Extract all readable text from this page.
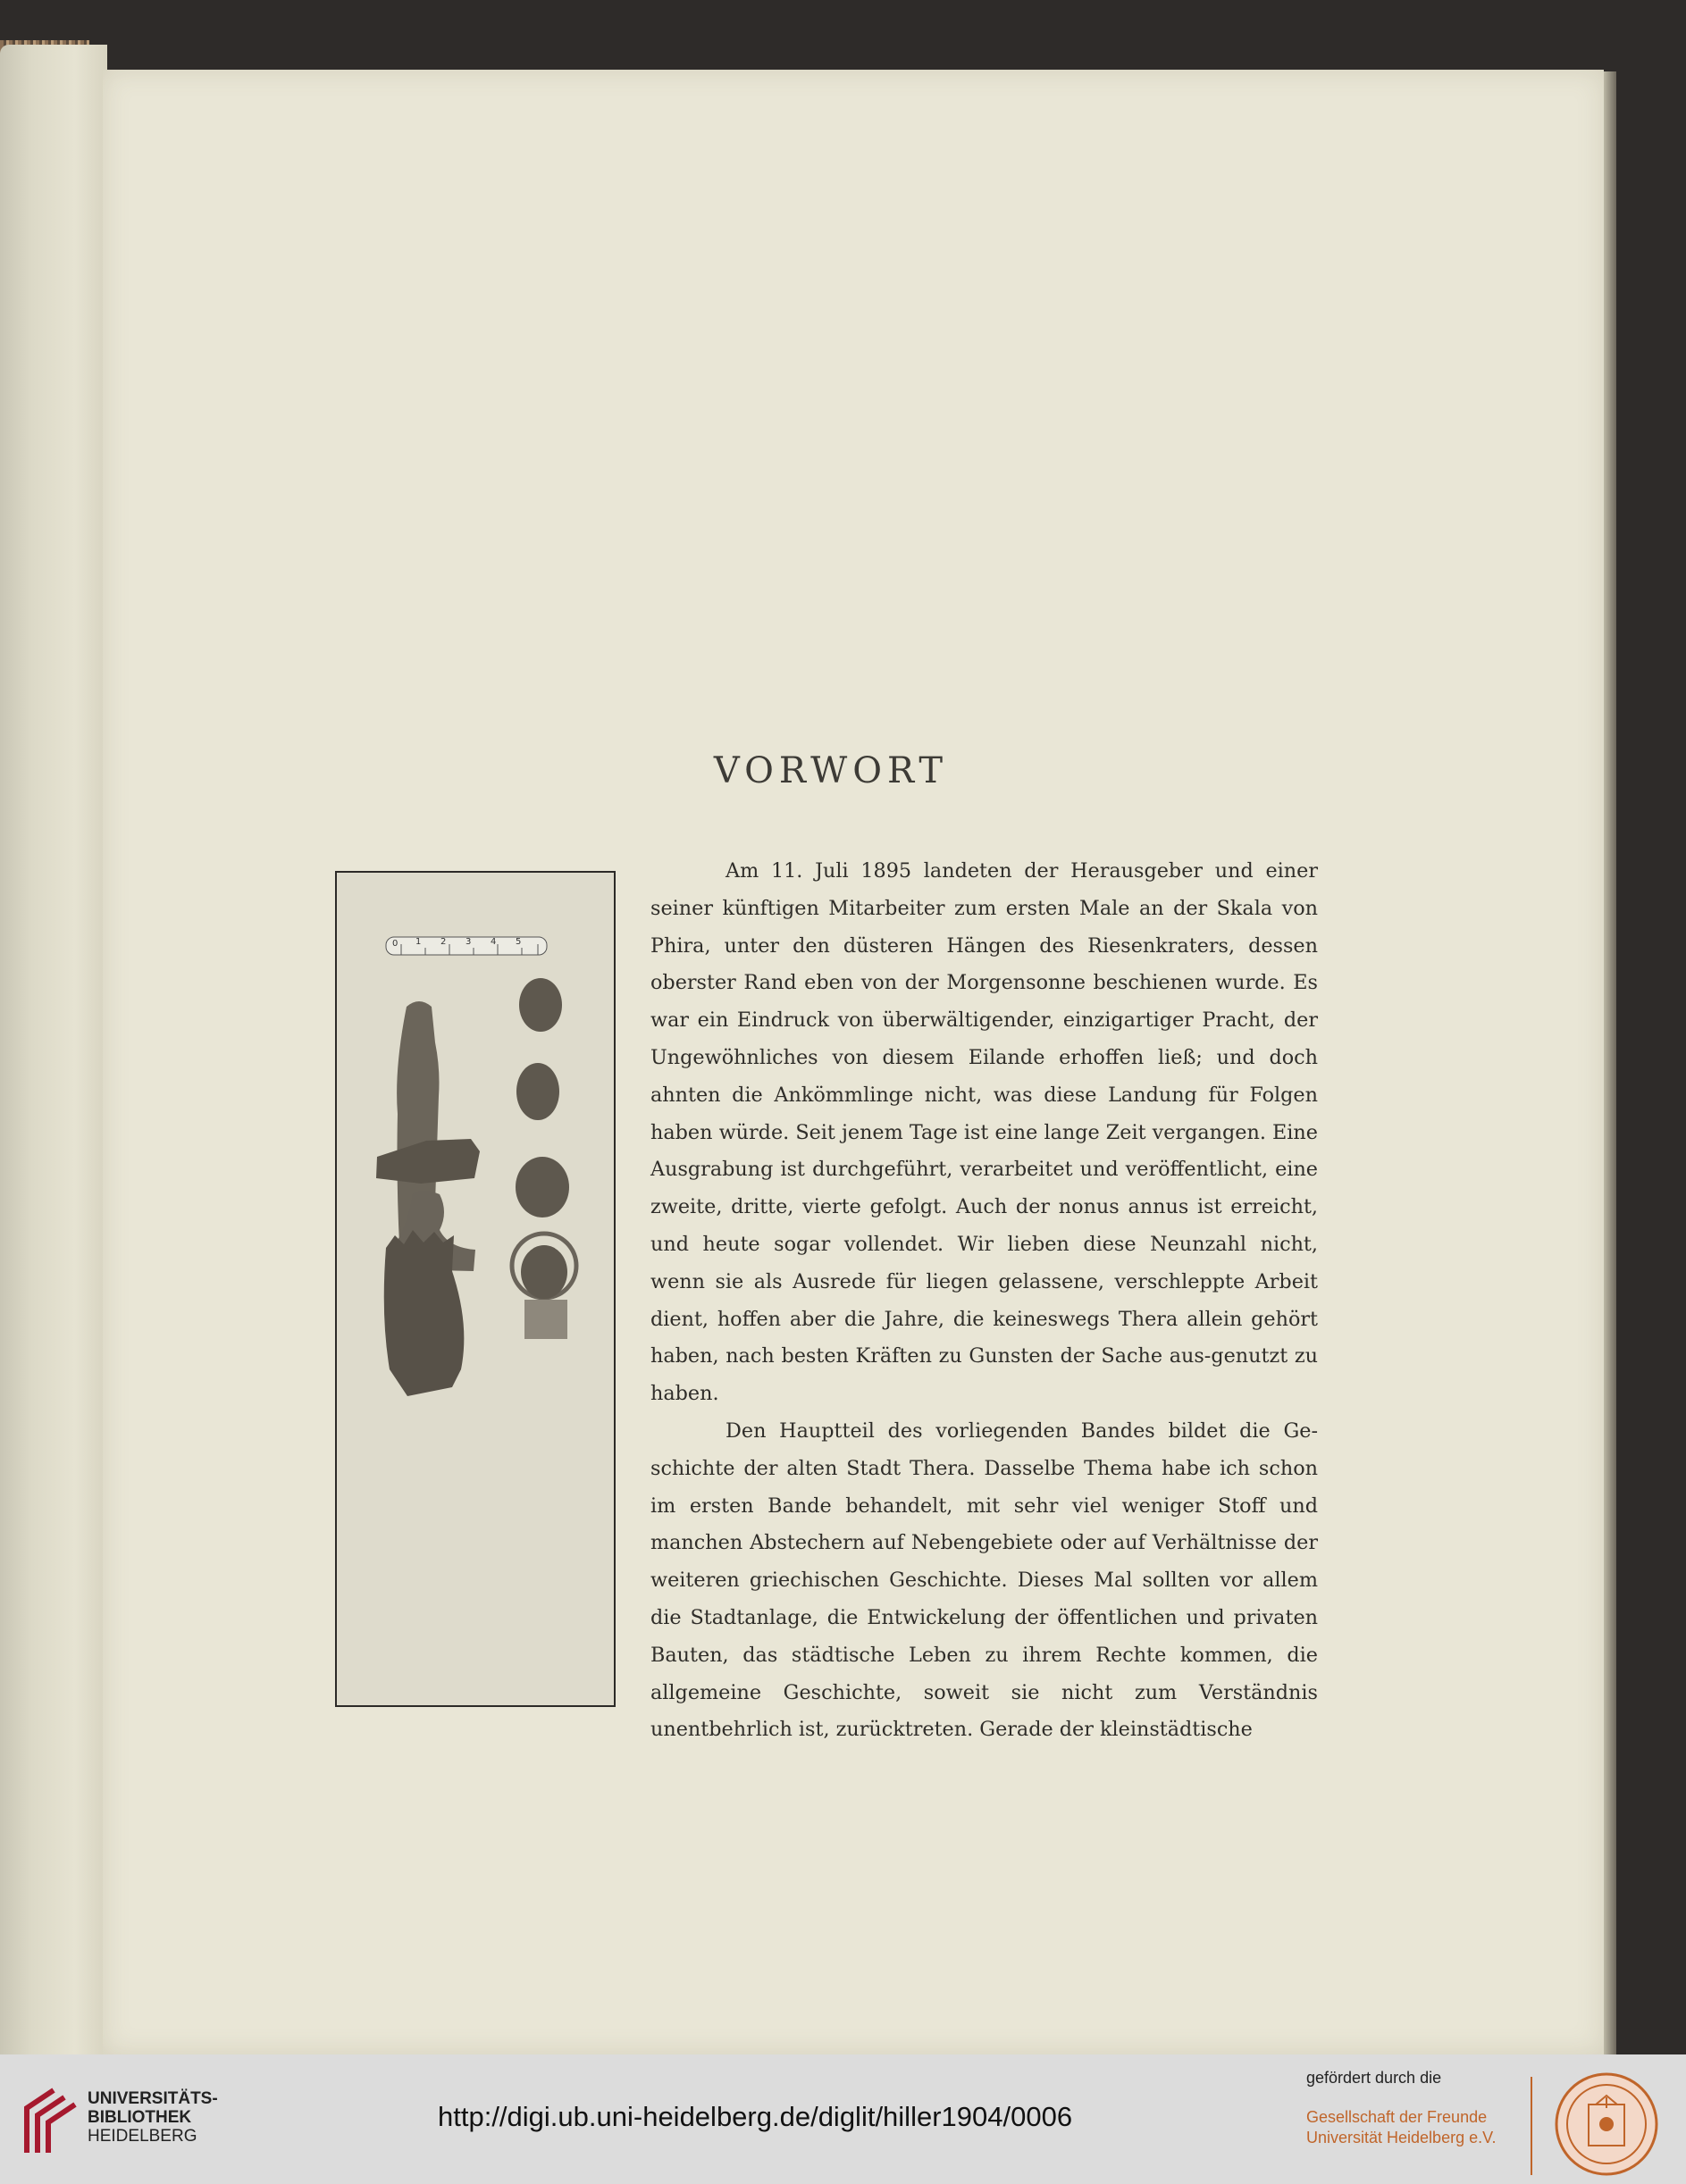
VORWORT
0 1 2 3 4 5

Am 11. Juli 1895 landeten der Herausgeber und einer seiner künftigen Mitarbeiter zum ersten Male an der Skala von Phira, unter den düsteren Hängen des Riesenkraters, dessen oberster Rand eben von der Morgensonne beschienen wurde. Es war ein Eindruck von überwältigender, einzigartiger Pracht, der Ungewöhnliches von diesem Eilande erhoffen ließ; und doch ahnten die Ankömmlinge nicht, was diese Landung für Folgen haben würde. Seit jenem Tage ist eine lange Zeit vergangen. Eine Ausgrabung ist durchgeführt, verarbeitet und veröffentlicht, eine zweite, dritte, vierte gefolgt. Auch der nonus annus ist erreicht, und heute sogar vollendet. Wir lieben diese Neunzahl nicht, wenn sie als Ausrede für liegen gelassene, verschleppte Arbeit dient, hoffen aber die Jahre, die keineswegs Thera allein gehört haben, nach besten Kräften zu Gunsten der Sache aus-genutzt zu haben.

Den Hauptteil des vorliegenden Bandes bildet die Ge-schichte der alten Stadt Thera. Dasselbe Thema habe ich schon im ersten Bande behandelt, mit sehr viel weniger Stoff und manchen Abstechern auf Nebengebiete oder auf Verhältnisse der weiteren griechischen Geschichte. Dieses Mal sollten vor allem die Stadtanlage, die Entwickelung der öffentlichen und privaten Bauten, das städtische Leben zu ihrem Rechte kommen, die allgemeine Geschichte, soweit sie nicht zum Verständnis unentbehrlich ist, zurücktreten. Gerade der kleinstädtische

UNIVERSITÄTS-
BIBLIOTHEK
HEIDELBERG
http://digi.ub.uni-heidelberg.de/diglit/hiller1904/0006
gefördert durch die
Gesellschaft der Freunde
Universität Heidelberg e.V.
